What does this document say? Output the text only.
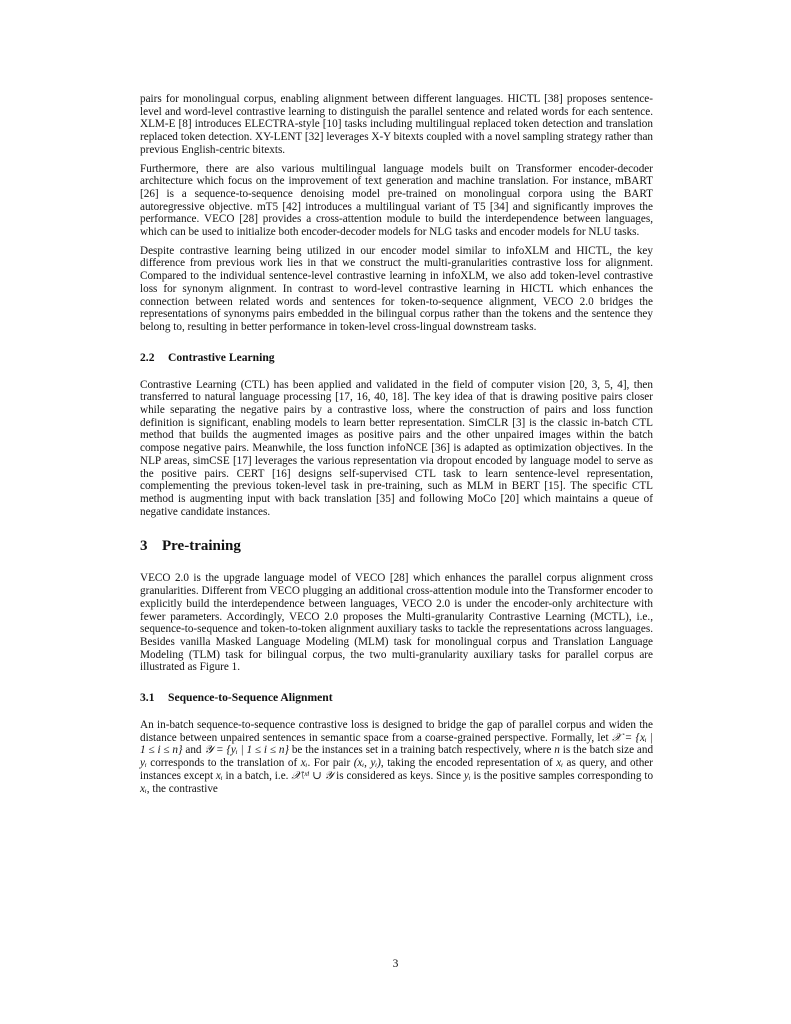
pairs for monolingual corpus, enabling alignment between different languages. HICTL [38] proposes sentence-level and word-level contrastive learning to distinguish the parallel sentence and related words for each sentence. XLM-E [8] introduces ELECTRA-style [10] tasks including multilingual replaced token detection and translation replaced token detection. XY-LENT [32] leverages X-Y bitexts coupled with a novel sampling strategy rather than previous English-centric bitexts.

Furthermore, there are also various multilingual language models built on Transformer encoder-decoder architecture which focus on the improvement of text generation and machine translation. For instance, mBART [26] is a sequence-to-sequence denoising model pre-trained on monolingual corpora using the BART autoregressive objective. mT5 [42] introduces a multilingual variant of T5 [34] and significantly improves the performance. VECO [28] provides a cross-attention module to build the interdependence between languages, which can be used to initialize both encoder-decoder models for NLG tasks and encoder models for NLU tasks.

Despite contrastive learning being utilized in our encoder model similar to infoXLM and HICTL, the key difference from previous work lies in that we construct the multi-granularities contrastive loss for alignment. Compared to the individual sentence-level contrastive learning in infoXLM, we also add token-level contrastive loss for synonym alignment. In contrast to word-level contrastive learning in HICTL which enhances the connection between related words and sentences for token-to-sequence alignment, VECO 2.0 bridges the representations of synonyms pairs embedded in the bilingual corpus rather than the tokens and the sentence they belong to, resulting in better performance in token-level cross-lingual downstream tasks.

2.2 Contrastive Learning

Contrastive Learning (CTL) has been applied and validated in the field of computer vision [20, 3, 5, 4], then transferred to natural language processing [17, 16, 40, 18]. The key idea of that is drawing positive pairs closer while separating the negative pairs by a contrastive loss, where the construction of pairs and loss function definition is significant, enabling models to learn better representation. SimCLR [3] is the classic in-batch CTL method that builds the augmented images as positive pairs and the other unpaired images within the batch compose negative pairs. Meanwhile, the loss function infoNCE [36] is adapted as optimization objectives. In the NLP areas, simCSE [17] leverages the various representation via dropout encoded by language model to serve as the positive pairs. CERT [16] designs self-supervised CTL task to learn sentence-level representation, complementing the previous token-level task in pre-training, such as MLM in BERT [15]. The specific CTL method is augmenting input with back translation [35] and following MoCo [20] which maintains a queue of negative candidate instances.

3 Pre-training

VECO 2.0 is the upgrade language model of VECO [28] which enhances the parallel corpus alignment cross granularities. Different from VECO plugging an additional cross-attention module into the Transformer encoder to explicitly build the interdependence between languages, VECO 2.0 is under the encoder-only architecture with fewer parameters. Accordingly, VECO 2.0 proposes the Multi-granularity Contrastive Learning (MCTL), i.e., sequence-to-sequence and token-to-token alignment auxiliary tasks to tackle the representations across languages. Besides vanilla Masked Language Modeling (MLM) task for monolingual corpus and Translation Language Modeling (TLM) task for bilingual corpus, the two multi-granularity auxiliary tasks for parallel corpus are illustrated as Figure 1.

3.1 Sequence-to-Sequence Alignment

An in-batch sequence-to-sequence contrastive loss is designed to bridge the gap of parallel corpus and widen the distance between unpaired sentences in semantic space from a coarse-grained perspective. Formally, let 𝒳 = {xᵢ | 1 ≤ i ≤ n} and 𝒴 = {yᵢ | 1 ≤ i ≤ n} be the instances set in a training batch respectively, where n is the batch size and yᵢ corresponds to the translation of xᵢ. For pair (xᵢ, yᵢ), taking the encoded representation of xᵢ as query, and other instances except xᵢ in a batch, i.e. 𝒳\ˣⁱ ∪ 𝒴 is considered as keys. Since yᵢ is the positive samples corresponding to xᵢ, the contrastive

3
